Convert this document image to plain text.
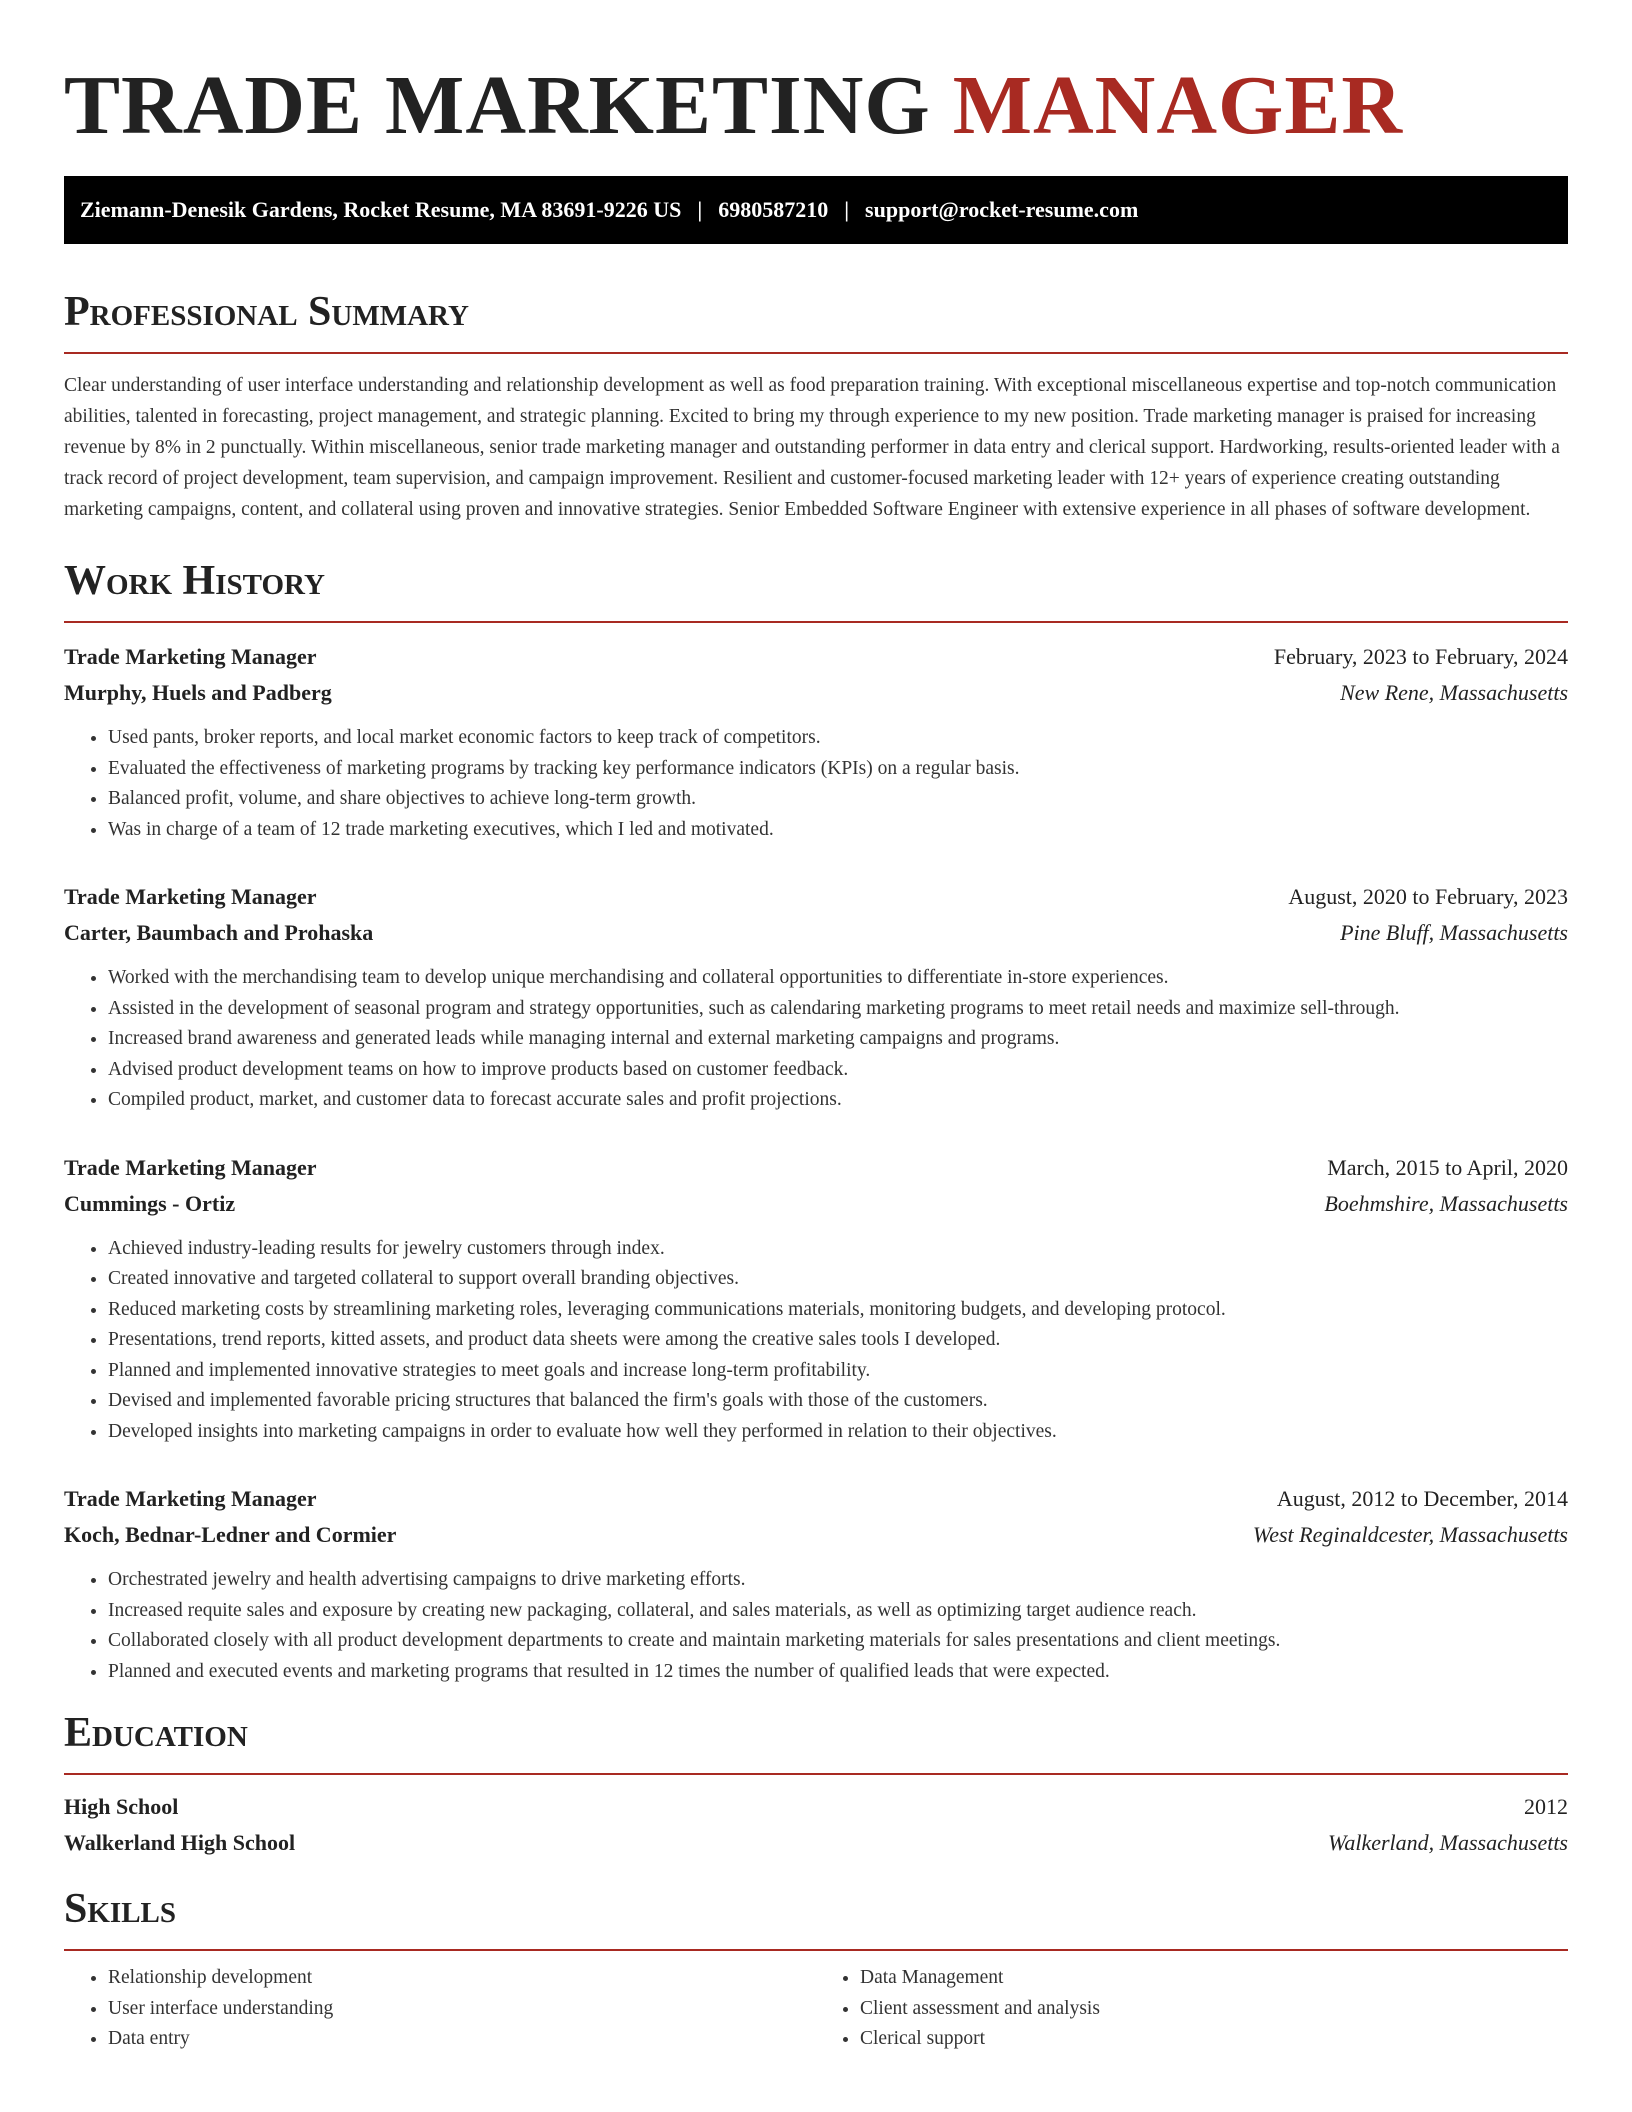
TRADE MARKETING MANAGER
Ziemann-Denesik Gardens, Rocket Resume, MA 83691-9226 US | 6980587210 | support@rocket-resume.com
Professional Summary

Clear understanding of user interface understanding and relationship development as well as food preparation training. With exceptional miscellaneous expertise and top-notch communication abilities, talented in forecasting, project management, and strategic planning. Excited to bring my through experience to my new position. Trade marketing manager is praised for increasing revenue by 8% in 2 punctually. Within miscellaneous, senior trade marketing manager and outstanding performer in data entry and clerical support. Hardworking, results-oriented leader with a track record of project development, team supervision, and campaign improvement. Resilient and customer-focused marketing leader with 12+ years of experience creating outstanding marketing campaigns, content, and collateral using proven and innovative strategies. Senior Embedded Software Engineer with extensive experience in all phases of software development.

Work History
Trade Marketing Manager	February, 2023 to February, 2024
Murphy, Huels and Padberg	New Rene, Massachusetts
• Used pants, broker reports, and local market economic factors to keep track of competitors.
• Evaluated the effectiveness of marketing programs by tracking key performance indicators (KPIs) on a regular basis.
• Balanced profit, volume, and share objectives to achieve long-term growth.
• Was in charge of a team of 12 trade marketing executives, which I led and motivated.
Trade Marketing Manager	August, 2020 to February, 2023
Carter, Baumbach and Prohaska	Pine Bluff, Massachusetts
• Worked with the merchandising team to develop unique merchandising and collateral opportunities to differentiate in-store experiences.
• Assisted in the development of seasonal program and strategy opportunities, such as calendaring marketing programs to meet retail needs and maximize sell-through.
• Increased brand awareness and generated leads while managing internal and external marketing campaigns and programs.
• Advised product development teams on how to improve products based on customer feedback.
• Compiled product, market, and customer data to forecast accurate sales and profit projections.
Trade Marketing Manager	March, 2015 to April, 2020
Cummings - Ortiz	Boehmshire, Massachusetts
• Achieved industry-leading results for jewelry customers through index.
• Created innovative and targeted collateral to support overall branding objectives.
• Reduced marketing costs by streamlining marketing roles, leveraging communications materials, monitoring budgets, and developing protocol.
• Presentations, trend reports, kitted assets, and product data sheets were among the creative sales tools I developed.
• Planned and implemented innovative strategies to meet goals and increase long-term profitability.
• Devised and implemented favorable pricing structures that balanced the firm's goals with those of the customers.
• Developed insights into marketing campaigns in order to evaluate how well they performed in relation to their objectives.
Trade Marketing Manager	August, 2012 to December, 2014
Koch, Bednar-Ledner and Cormier	West Reginaldcester, Massachusetts
• Orchestrated jewelry and health advertising campaigns to drive marketing efforts.
• Increased requite sales and exposure by creating new packaging, collateral, and sales materials, as well as optimizing target audience reach.
• Collaborated closely with all product development departments to create and maintain marketing materials for sales presentations and client meetings.
• Planned and executed events and marketing programs that resulted in 12 times the number of qualified leads that were expected.
Education
High School	2012
Walkerland High School	Walkerland, Massachusetts
Skills
• Relationship development
• User interface understanding
• Data entry
• Data Management
• Client assessment and analysis
• Clerical support
